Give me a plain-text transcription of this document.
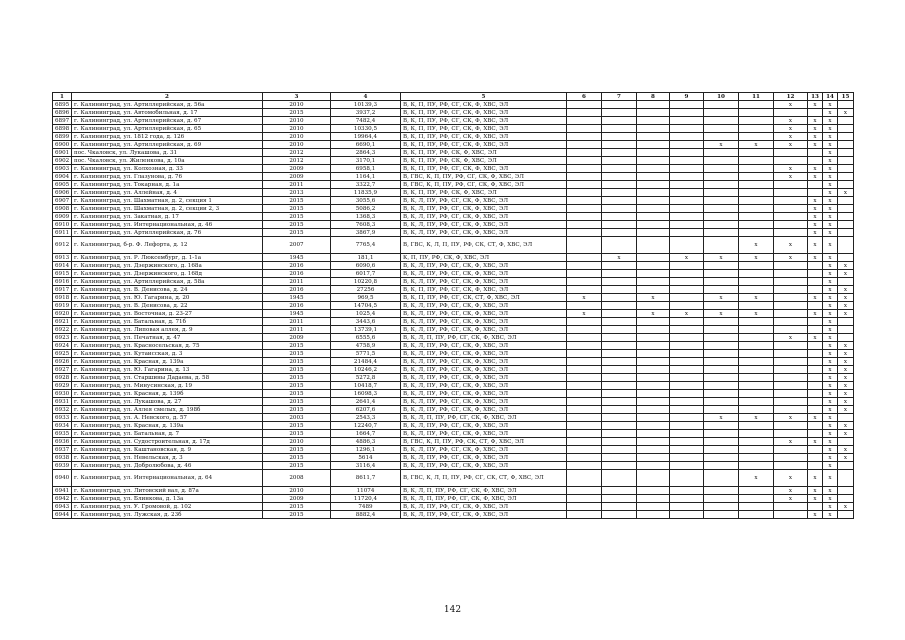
1	2	3	4	5	6	7	8	9	10	11	12	13	14	15
6895	г. Калининград, ул. Артиллерийская, д. 56а	2010	10139,3	В, К, П, ПУ, РФ, СГ, СК, Ф, ХВС, ЭЛ							x	x	x	
6896	г. Калининград, ул. Автомобильная, д. 17	2015	3937,2	В, К, П, ПУ, РФ, СГ, СК, Ф, ХВС, ЭЛ									x	x
6897	г. Калининград, ул. Артиллерийская, д. 67	2010	7482,4	В, К, П, ПУ, РФ, СГ, СК, Ф, ХВС, ЭЛ							x	x	x	
6898	г. Калининград, ул. Артиллерийская, д. 65	2010	10330,5	В, К, П, ПУ, РФ, СГ, СК, Ф, ХВС, ЭЛ							x	x	x	
6899	г. Калининград, ул. 1812 года, д. 126	2010	19964,4	В, К, П, ПУ, РФ, СГ, СК, Ф, ХВС, ЭЛ							x	x	x	
6900	г. Калининград, ул. Артиллерийская, д. 69	2010	6690,1	В, К, П, ПУ, РФ, СГ, СК, Ф, ХВС, ЭЛ					x	x	x	x	x	
6901	пос. Чкаловск, ул. Лукашова, д. 31	2012	2864,3	В, К, П, ПУ, РФ, СК, Ф, ХВС, ЭЛ									x	
6902	пос. Чкаловск, ул. Жиленкова, д. 10а	2012	3170,1	В, К, П, ПУ, РФ, СК, Ф, ХВС, ЭЛ									x	
6903	г. Калининград, ул. Колхозная, д. 33	2009	6958,1	В, К, П, ПУ, РФ, СГ, СК, Ф, ХВС, ЭЛ							x	x	x	
6904	г. Калининград, ул. Глазунова, д. 76	2009	1164,1	В, ГВС, К, П, ПУ, РФ, СГ, СК, Ф, ХВС, ЭЛ							x	x	x	
6905	г. Калининград, ул. Токарная, д. 1а	2011	3322,7	В, ГВС, К, П, ПУ, РФ, СГ, СК, Ф, ХВС, ЭЛ									x	
6906	г. Калининград, ул. Аллейная, д. 4	2013	11835,9	В, К, П, ПУ, РФ, СК, Ф, ХВС, ЭЛ									x	x
6907	г. Калининград, ул. Шахматная, д. 2, секция 1	2015	3055,6	В, К, Л, ПУ, РФ, СГ, СК, Ф, ХВС, ЭЛ								x	x	
6908	г. Калининград, ул. Шахматная, д. 2, секции 2, 3	2015	5086,2	В, К, Л, ПУ, РФ, СГ, СК, Ф, ХВС, ЭЛ								x	x	
6909	г. Калининград, ул. Закатная, д. 17	2015	1368,3	В, К, Л, ПУ, РФ, СГ, СК, Ф, ХВС, ЭЛ								x	x	
6910	г. Калининград, ул. Интернациональная, д. 46	2015	7608,3	В, К, Л, ПУ, РФ, СГ, СК, Ф, ХВС, ЭЛ								x	x	
6911	г. Калининград, ул. Артиллерийская, д. 76	2015	3867,9	В, К, Л, ПУ, РФ, СГ, СК, Ф, ХВС, ЭЛ								x	x	
6912	г. Калининград, б-р. Ф. Лефорта, д. 12	2007	7765,4	В, ГВС, К, Л, П, ПУ, РФ, СК, СТ, Ф, ХВС, ЭЛ						x	x	x	x	
6913	г. Калининград, ул. Р. Люксембург, д. 1-1а	1945	181,1	К, П, ПУ, РФ, СК, Ф, ХВС, ЭЛ		x		x	x	x	x	x	x	
6914	г. Калининград, ул. Дзержинского, д. 168а	2016	6090,6	В, К, Л, ПУ, РФ, СГ, СК, Ф, ХВС, ЭЛ									x	x
6915	г. Калининград, ул. Дзержинского, д. 168д	2016	6017,7	В, К, Л, ПУ, РФ, СГ, СК, Ф, ХВС, ЭЛ									x	x
6916	г. Калининград, ул. Артиллерийская, д. 58а	2011	10220,8	В, К, Л, ПУ, РФ, СГ, СК, Ф, ХВС, ЭЛ									x	
6917	г. Калининград, ул. В. Денисова, д. 24	2016	27256	В, К, П, ПУ, РФ, СГ, СК, Ф, ХВС, ЭЛ									x	x
6918	г. Калининград, ул. Ю. Гагарина, д. 20	1945	969,5	В, К, П, ПУ, РФ, СГ, СК, СТ, Ф, ХВС, ЭЛ	x		x		x	x		x	x	x
6919	г. Калининград, ул. В. Денисова, д. 22	2016	14704,5	В, К, Л, ПУ, РФ, СГ, СК, Ф, ХВС, ЭЛ									x	x
6920	г. Калининград, ул. Восточная, д. 23-27	1945	1025,4	В, К, Л, ПУ, РФ, СГ, СК, Ф, ХВС, ЭЛ	x		x	x	x	x		x	x	x
6921	г. Калининград, ул. Батальная, д. 71б	2011	3443,6	В, К, Л, ПУ, РФ, СГ, СК, Ф, ХВС, ЭЛ									x	
6922	г. Калининград, ул. Липовая аллея, д. 9	2011	13739,1	В, К, Л, ПУ, РФ, СГ, СК, Ф, ХВС, ЭЛ									x	
6923	г. Калининград, ул. Печатная, д. 47	2009	6555,6	В, К, Л, П, ПУ, РФ, СГ, СК, Ф, ХВС, ЭЛ							x	x	x	
6924	г. Калининград, ул. Красносельская, д. 75	2015	4758,9	В, К, Л, ПУ, РФ, СГ, СК, Ф, ХВС, ЭЛ									x	x
6925	г. Калининград, ул. Кутаисская, д. 3	2015	5771,5	В, К, Л, ПУ, РФ, СГ, СК, Ф, ХВС, ЭЛ									x	x
6926	г. Калининград, ул. Красная, д. 139а	2015	21484,4	В, К, Л, ПУ, РФ, СГ, СК, Ф, ХВС, ЭЛ									x	x
6927	г. Калининград, ул. Ю. Гагарина, д. 13	2015	10246,2	В, К, Л, ПУ, РФ, СГ, СК, Ф, ХВС, ЭЛ									x	x
6928	г. Калининград, ул. Старшины Дадаева, д. 58	2015	5272,8	В, К, Л, ПУ, РФ, СГ, СК, Ф, ХВС, ЭЛ									x	x
6929	г. Калининград, ул. Минусинская, д. 19	2015	10418,7	В, К, Л, ПУ, РФ, СГ, СК, Ф, ХВС, ЭЛ									x	x
6930	г. Калининград, ул. Красная, д. 139б	2015	16098,3	В, К, Л, ПУ, РФ, СГ, СК, Ф, ХВС, ЭЛ									x	x
6931	г. Калининград, ул. Лукашова, д. 27	2015	2641,4	В, К, Л, ПУ, РФ, СГ, СК, Ф, ХВС, ЭЛ									x	x
6932	г. Калининград, ул. Аллея смелых, д. 198б	2015	6207,6	В, К, Л, ПУ, РФ, СГ, СК, Ф, ХВС, ЭЛ									x	x
6933	г. Калининград, ул. А. Невского, д. 57	2003	2543,3	В, К, Л, П, ПУ, РФ, СГ, СК, Ф, ХВС, ЭЛ					x	x	x	x	x	
6934	г. Калининград, ул. Красная, д. 139а	2015	12240,7	В, К, Л, ПУ, РФ, СГ, СК, Ф, ХВС, ЭЛ									x	x
6935	г. Калининград, ул. Батальная, д. 7	2015	1664,7	В, К, Л, ПУ, РФ, СГ, СК, Ф, ХВС, ЭЛ									x	x
6936	г. Калининград, ул. Судостроительная, д. 17д	2010	4886,3	В, ГВС, К, П, ПУ, РФ, СК, СТ, Ф, ХВС, ЭЛ							x	x	x	
6937	г. Калининград, ул. Каштановская, д. 9	2015	1296,1	В, К, Л, ПУ, РФ, СГ, СК, Ф, ХВС, ЭЛ									x	x
6938	г. Калининград, ул. Невельская, д. 3	2015	5614	В, К, Л, ПУ, РФ, СГ, СК, Ф, ХВС, ЭЛ									x	x
6939	г. Калининград, ул. Добролюбова, д. 46	2015	3116,4	В, К, Л, ПУ, РФ, СГ, СК, Ф, ХВС, ЭЛ									x	
6940	г. Калининград, ул. Интернациональная, д. 64	2008	8611,7	В, ГВС, К, Л, П, ПУ, РФ, СГ, СК, СТ, Ф, ХВС, ЭЛ						x	x	x	x	
6941	г. Калининград, ул. Литовский вал, д. 87а	2010	11074	В, К, Л, П, ПУ, РФ, СГ, СК, Ф, ХВС, ЭЛ							x	x	x	
6942	г. Калининград, ул. Блинкова, д. 13а	2009	11720,4	В, К, Л, П, ПУ, РФ, СГ, СК, Ф, ХВС, ЭЛ							x	x	x	
6943	г. Калининград, ул. У. Громовой, д. 102	2015	7489	В, К, Л, ПУ, РФ, СГ, СК, Ф, ХВС, ЭЛ									x	x
6944	г. Калининград, ул. Лужская, д. 23б	2015	8882,4	В, К, Л, ПУ, РФ, СГ, СК, Ф, ХВС, ЭЛ								x	x	
142
